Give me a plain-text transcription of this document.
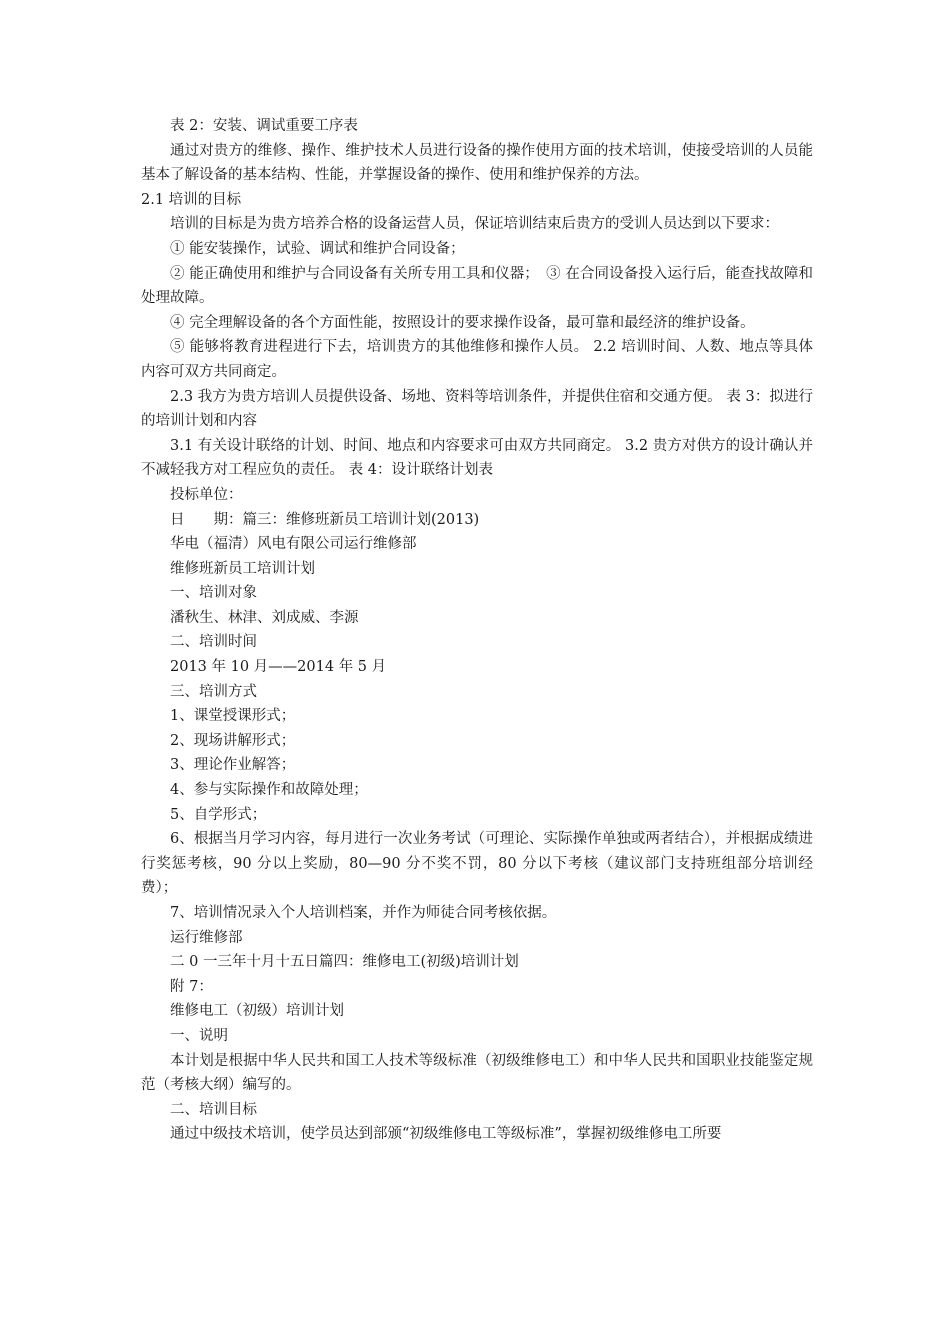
表 2：安装、调试重要工序表

通过对贵方的维修、操作、维护技术人员进行设备的操作使用方面的技术培训，使接受培训的人员能基本了解设备的基本结构、性能，并掌握设备的操作、使用和维护保养的方法。

2.1 培训的目标

培训的目标是为贵方培养合格的设备运营人员，保证培训结束后贵方的受训人员达到以下要求：

① 能安装操作，试验、调试和维护合同设备；

② 能正确使用和维护与合同设备有关所专用工具和仪器；　③ 在合同设备投入运行后，能查找故障和处理故障。

④ 完全理解设备的各个方面性能，按照设计的要求操作设备，最可靠和最经济的维护设备。

⑤ 能够将教育进程进行下去，培训贵方的其他维修和操作人员。 2.2 培训时间、人数、地点等具体内容可双方共同商定。

2.3 我方为贵方培训人员提供设备、场地、资料等培训条件，并提供住宿和交通方便。 表 3：拟进行的培训计划和内容

3.1 有关设计联络的计划、时间、地点和内容要求可由双方共同商定。 3.2 贵方对供方的设计确认并不减轻我方对工程应负的责任。 表 4：设计联络计划表

投标单位：

日　　期：篇三：维修班新员工培训计划(2013)

华电（福清）风电有限公司运行维修部

维修班新员工培训计划

一、培训对象

潘秋生、林津、刘成威、李源

二、培训时间

2013 年 10 月——2014 年 5 月

三、培训方式

1、课堂授课形式；

2、现场讲解形式；

3、理论作业解答；

4、参与实际操作和故障处理；

5、自学形式；

6、根据当月学习内容，每月进行一次业务考试（可理论、实际操作单独或两者结合），并根据成绩进行奖惩考核，90 分以上奖励，80—90 分不奖不罚，80 分以下考核（建议部门支持班组部分培训经费）；

7、培训情况录入个人培训档案，并作为师徒合同考核依据。

运行维修部

二 0 一三年十月十五日篇四：维修电工(初级)培训计划

附 7：

维修电工（初级）培训计划

一、说明

本计划是根据中华人民共和国工人技术等级标准（初级维修电工）和中华人民共和国职业技能鉴定规范（考核大纲）编写的。

二、培训目标

通过中级技术培训，使学员达到部颁“初级维修电工等级标准”，掌握初级维修电工所要
